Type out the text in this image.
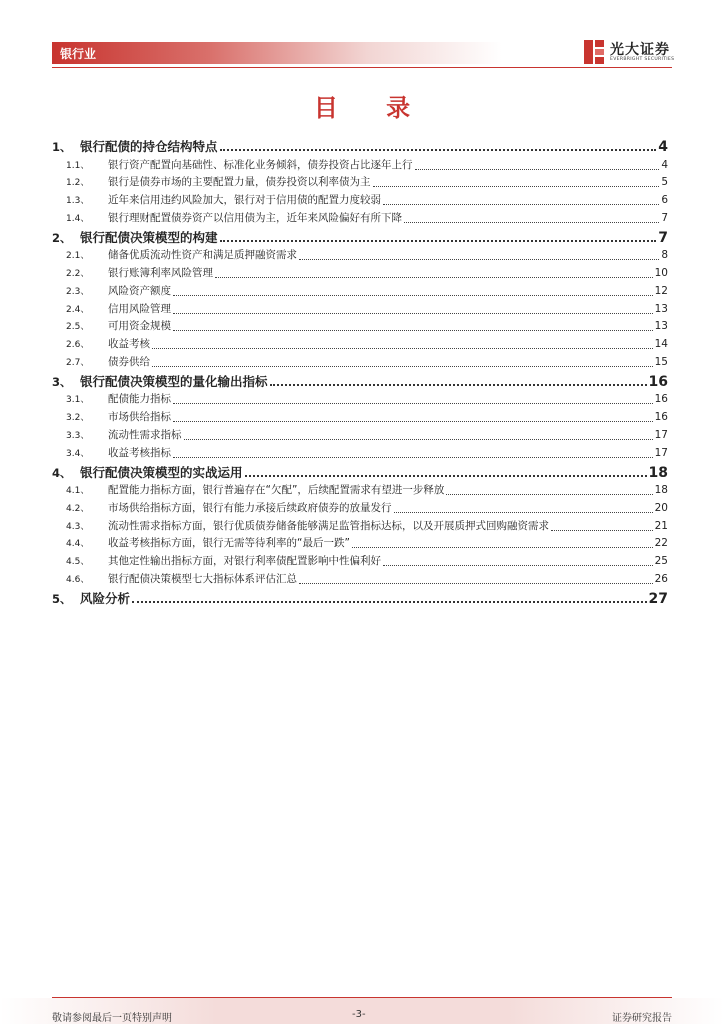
银行业	光大证券
EVERBRIGHT SECURITIES
目 录
1、 银行配债的持仓结构特点	4
1.1、	银行资产配置向基础性、标准化业务倾斜，债券投资占比逐年上行	4
1.2、	银行是债券市场的主要配置力量，债券投资以利率债为主	5
1.3、	近年来信用违约风险加大，银行对于信用债的配置力度较弱	6
1.4、	银行理财配置债券资产以信用债为主，近年来风险偏好有所下降	7
2、 银行配债决策模型的构建	7
2.1、	储备优质流动性资产和满足质押融资需求	8
2.2、	银行账簿利率风险管理	10
2.3、	风险资产额度	12
2.4、	信用风险管理	13
2.5、	可用资金规模	13
2.6、	收益考核	14
2.7、	债券供给	15
3、 银行配债决策模型的量化输出指标	16
3.1、	配债能力指标	16
3.2、	市场供给指标	16
3.3、	流动性需求指标	17
3.4、	收益考核指标	17
4、 银行配债决策模型的实战运用	18
4.1、	配置能力指标方面，银行普遍存在“欠配”，后续配置需求有望进一步释放	18
4.2、	市场供给指标方面，银行有能力承接后续政府债券的放量发行	20
4.3、	流动性需求指标方面，银行优质债券储备能够满足监管指标达标，以及开展质押式回购融资需求	21
4.4、	收益考核指标方面，银行无需等待利率的“最后一跌”	22
4.5、	其他定性输出指标方面，对银行利率债配置影响中性偏利好	25
4.6、	银行配债决策模型七大指标体系评估汇总	26
5、 风险分析	27
敬请参阅最后一页特别声明	-3-	证券研究报告
